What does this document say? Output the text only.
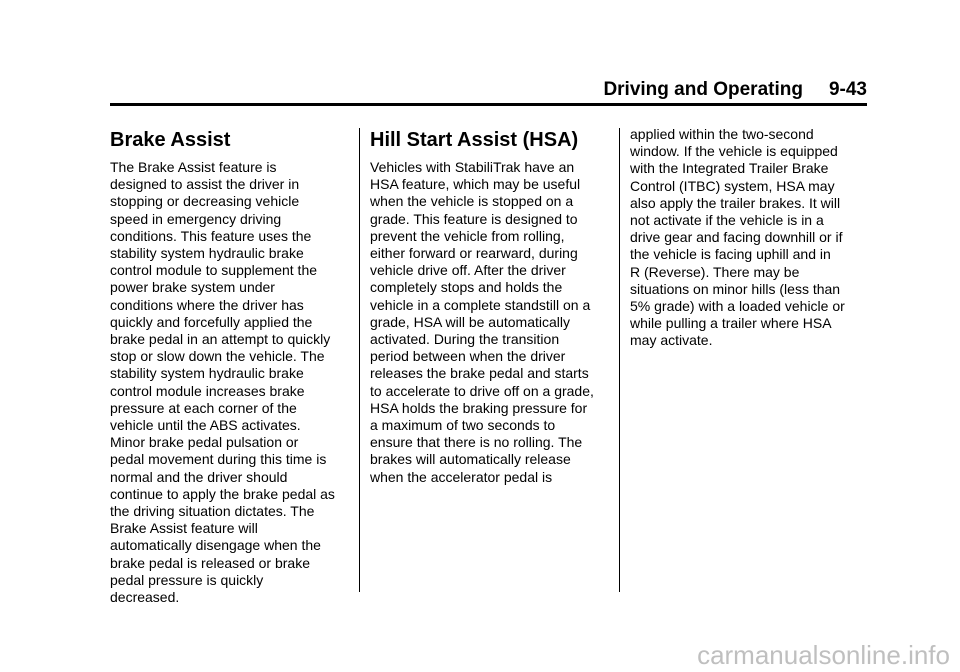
Driving and Operating 9-43
Brake Assist

The Brake Assist feature is
designed to assist the driver in
stopping or decreasing vehicle
speed in emergency driving
conditions. This feature uses the
stability system hydraulic brake
control module to supplement the
power brake system under
conditions where the driver has
quickly and forcefully applied the
brake pedal in an attempt to quickly
stop or slow down the vehicle. The
stability system hydraulic brake
control module increases brake
pressure at each corner of the
vehicle until the ABS activates.
Minor brake pedal pulsation or
pedal movement during this time is
normal and the driver should
continue to apply the brake pedal as
the driving situation dictates. The
Brake Assist feature will
automatically disengage when the
brake pedal is released or brake
pedal pressure is quickly
decreased.

Hill Start Assist (HSA)

Vehicles with StabiliTrak have an
HSA feature, which may be useful
when the vehicle is stopped on a
grade. This feature is designed to
prevent the vehicle from rolling,
either forward or rearward, during
vehicle drive off. After the driver
completely stops and holds the
vehicle in a complete standstill on a
grade, HSA will be automatically
activated. During the transition
period between when the driver
releases the brake pedal and starts
to accelerate to drive off on a grade,
HSA holds the braking pressure for
a maximum of two seconds to
ensure that there is no rolling. The
brakes will automatically release
when the accelerator pedal is

applied within the two-second
window. If the vehicle is equipped
with the Integrated Trailer Brake
Control (ITBC) system, HSA may
also apply the trailer brakes. It will
not activate if the vehicle is in a
drive gear and facing downhill or if
the vehicle is facing uphill and in
R (Reverse). There may be
situations on minor hills (less than
5% grade) with a loaded vehicle or
while pulling a trailer where HSA
may activate.

carmanualsonline.info
